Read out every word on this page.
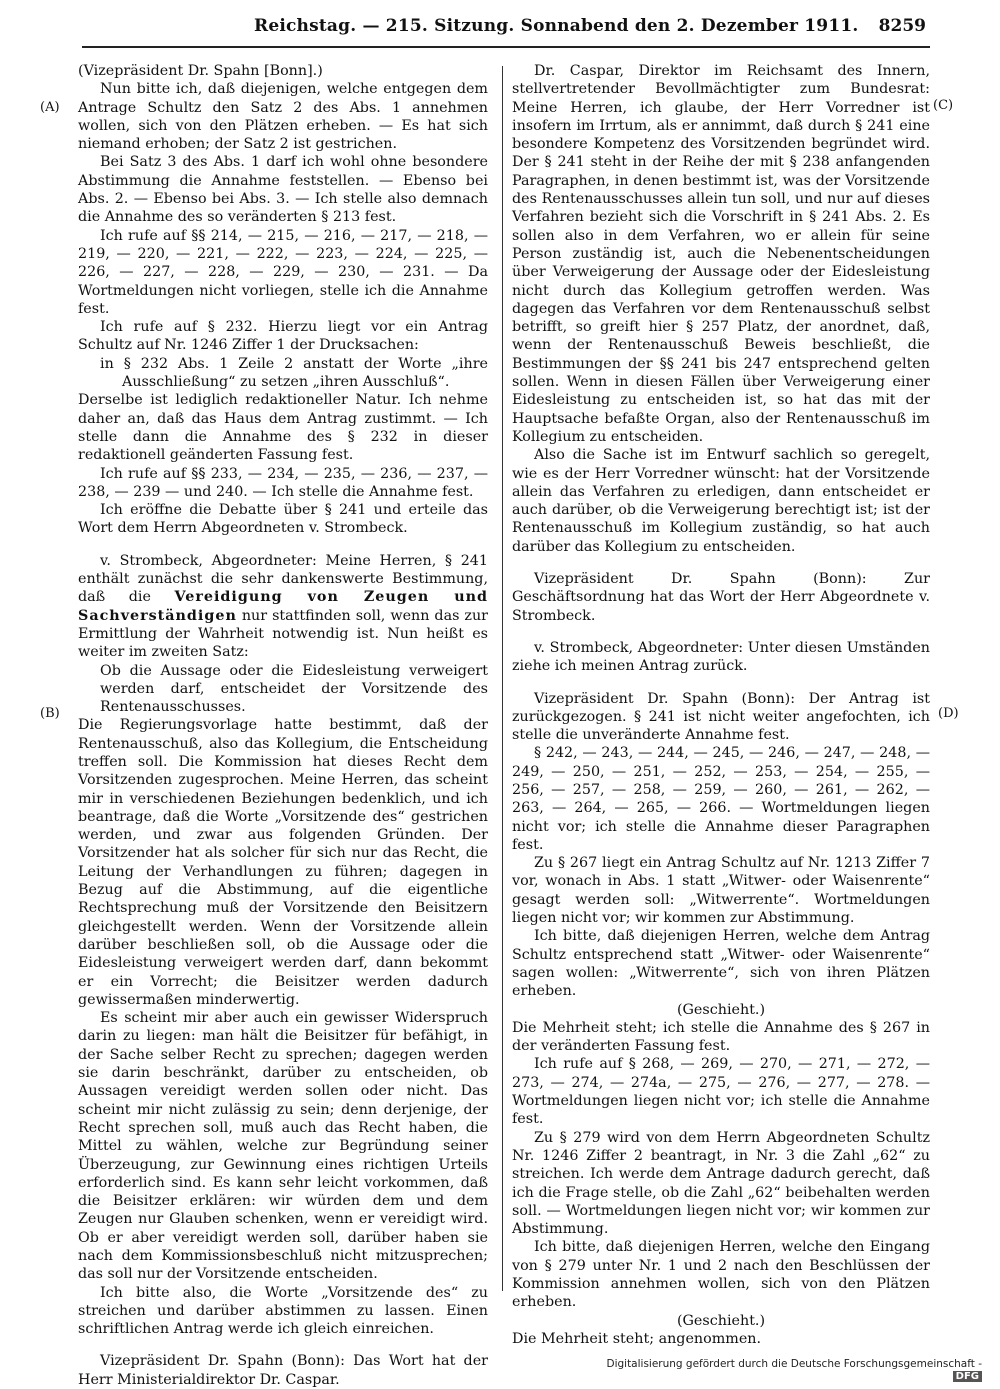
Reichstag. — 215. Sitzung. Sonnabend den 2. Dezember 1911. 8259
(A)
(B)
(C)
(D)

(Vizepräsident Dr. Spahn [Bonn].)

Nun bitte ich, daß diejenigen, welche entgegen dem Antrage Schultz den Satz 2 des Abs. 1 annehmen wollen, sich von den Plätzen erheben. — Es hat sich niemand erhoben; der Satz 2 ist gestrichen.

Bei Satz 3 des Abs. 1 darf ich wohl ohne besondere Abstimmung die Annahme feststellen. — Ebenso bei Abs. 2. — Ebenso bei Abs. 3. — Ich stelle also demnach die Annahme des so veränderten § 213 fest.

Ich rufe auf §§ 214, — 215, — 216, — 217, — 218, — 219, — 220, — 221, — 222, — 223, — 224, — 225, — 226, — 227, — 228, — 229, — 230, — 231. — Da Wortmeldungen nicht vorliegen, stelle ich die Annahme fest.

Ich rufe auf § 232. Hierzu liegt vor ein Antrag Schultz auf Nr. 1246 Ziffer 1 der Drucksachen:

in § 232 Abs. 1 Zeile 2 anstatt der Worte „ihre Ausschließung“ zu setzen „ihren Ausschluß“.

Derselbe ist lediglich redaktioneller Natur. Ich nehme daher an, daß das Haus dem Antrag zustimmt. — Ich stelle dann die Annahme des § 232 in dieser redaktionell geänderten Fassung fest.

Ich rufe auf §§ 233, — 234, — 235, — 236, — 237, — 238, — 239 — und 240. — Ich stelle die Annahme fest.

Ich eröffne die Debatte über § 241 und erteile das Wort dem Herrn Abgeordneten v. Strombeck.

v. Strombeck, Abgeordneter: Meine Herren, § 241 enthält zunächst die sehr dankenswerte Bestimmung, daß die Vereidigung von Zeugen und Sachverständigen nur stattfinden soll, wenn das zur Ermittlung der Wahrheit notwendig ist. Nun heißt es weiter im zweiten Satz:

Ob die Aussage oder die Eidesleistung verweigert werden darf, entscheidet der Vorsitzende des Rentenausschusses.

Die Regierungsvorlage hatte bestimmt, daß der Rentenausschuß, also das Kollegium, die Entscheidung treffen soll. Die Kommission hat dieses Recht dem Vorsitzenden zugesprochen. Meine Herren, das scheint mir in verschiedenen Beziehungen bedenklich, und ich beantrage, daß die Worte „Vorsitzende des“ gestrichen werden, und zwar aus folgenden Gründen. Der Vorsitzender hat als solcher für sich nur das Recht, die Leitung der Verhandlungen zu führen; dagegen in Bezug auf die Abstimmung, auf die eigentliche Rechtsprechung muß der Vorsitzende den Beisitzern gleichgestellt werden. Wenn der Vorsitzende allein darüber beschließen soll, ob die Aussage oder die Eidesleistung verweigert werden darf, dann bekommt er ein Vorrecht; die Beisitzer werden dadurch gewissermaßen minderwertig.

Es scheint mir aber auch ein gewisser Widerspruch darin zu liegen: man hält die Beisitzer für befähigt, in der Sache selber Recht zu sprechen; dagegen werden sie darin beschränkt, darüber zu entscheiden, ob Aussagen vereidigt werden sollen oder nicht. Das scheint mir nicht zulässig zu sein; denn derjenige, der Recht sprechen soll, muß auch das Recht haben, die Mittel zu wählen, welche zur Begründung seiner Überzeugung, zur Gewinnung eines richtigen Urteils erforderlich sind. Es kann sehr leicht vorkommen, daß die Beisitzer erklären: wir würden dem und dem Zeugen nur Glauben schenken, wenn er vereidigt wird. Ob er aber vereidigt werden soll, darüber haben sie nach dem Kommissionsbeschluß nicht mitzusprechen; das soll nur der Vorsitzende entscheiden.

Ich bitte also, die Worte „Vorsitzende des“ zu streichen und darüber abstimmen zu lassen. Einen schriftlichen Antrag werde ich gleich einreichen.

Vizepräsident Dr. Spahn (Bonn): Das Wort hat der Herr Ministerialdirektor Dr. Caspar.

Dr. Caspar, Direktor im Reichsamt des Innern, stellvertretender Bevollmächtigter zum Bundesrat: Meine Herren, ich glaube, der Herr Vorredner ist insofern im Irrtum, als er annimmt, daß durch § 241 eine besondere Kompetenz des Vorsitzenden begründet wird. Der § 241 steht in der Reihe der mit § 238 anfangenden Paragraphen, in denen bestimmt ist, was der Vorsitzende des Rentenausschusses allein tun soll, und nur auf dieses Verfahren bezieht sich die Vorschrift in § 241 Abs. 2. Es sollen also in dem Verfahren, wo er allein für seine Person zuständig ist, auch die Nebenentscheidungen über Verweigerung der Aussage oder der Eidesleistung nicht durch das Kollegium getroffen werden. Was dagegen das Verfahren vor dem Rentenausschuß selbst betrifft, so greift hier § 257 Platz, der anordnet, daß, wenn der Rentenausschuß Beweis beschließt, die Bestimmungen der §§ 241 bis 247 entsprechend gelten sollen. Wenn in diesen Fällen über Verweigerung einer Eidesleistung zu entscheiden ist, so hat das mit der Hauptsache befaßte Organ, also der Rentenausschuß im Kollegium zu entscheiden.

Also die Sache ist im Entwurf sachlich so geregelt, wie es der Herr Vorredner wünscht: hat der Vorsitzende allein das Verfahren zu erledigen, dann entscheidet er auch darüber, ob die Verweigerung berechtigt ist; ist der Rentenausschuß im Kollegium zuständig, so hat auch darüber das Kollegium zu entscheiden.

Vizepräsident Dr. Spahn (Bonn): Zur Geschäftsordnung hat das Wort der Herr Abgeordnete v. Strombeck.

v. Strombeck, Abgeordneter: Unter diesen Umständen ziehe ich meinen Antrag zurück.

Vizepräsident Dr. Spahn (Bonn): Der Antrag ist zurückgezogen. § 241 ist nicht weiter angefochten, ich stelle die unveränderte Annahme fest.

§ 242, — 243, — 244, — 245, — 246, — 247, — 248, — 249, — 250, — 251, — 252, — 253, — 254, — 255, — 256, — 257, — 258, — 259, — 260, — 261, — 262, — 263, — 264, — 265, — 266. — Wortmeldungen liegen nicht vor; ich stelle die Annahme dieser Paragraphen fest.

Zu § 267 liegt ein Antrag Schultz auf Nr. 1213 Ziffer 7 vor, wonach in Abs. 1 statt „Witwer- oder Waisenrente“ gesagt werden soll: „Witwerrente“. Wortmeldungen liegen nicht vor; wir kommen zur Abstimmung.

Ich bitte, daß diejenigen Herren, welche dem Antrag Schultz entsprechend statt „Witwer- oder Waisenrente“ sagen wollen: „Witwerrente“, sich von ihren Plätzen erheben.

(Geschieht.)

Die Mehrheit steht; ich stelle die Annahme des § 267 in der veränderten Fassung fest.

Ich rufe auf § 268, — 269, — 270, — 271, — 272, — 273, — 274, — 274a, — 275, — 276, — 277, — 278. — Wortmeldungen liegen nicht vor; ich stelle die Annahme fest.

Zu § 279 wird von dem Herrn Abgeordneten Schultz Nr. 1246 Ziffer 2 beantragt, in Nr. 3 die Zahl „62“ zu streichen. Ich werde dem Antrage dadurch gerecht, daß ich die Frage stelle, ob die Zahl „62“ beibehalten werden soll. — Wortmeldungen liegen nicht vor; wir kommen zur Abstimmung.

Ich bitte, daß diejenigen Herren, welche den Eingang von § 279 unter Nr. 1 und 2 nach den Beschlüssen der Kommission annehmen wollen, sich von den Plätzen erheben.

(Geschieht.)

Die Mehrheit steht; angenommen.

Digitalisierung gefördert durch die Deutsche Forschungsgemeinschaft -DFG
